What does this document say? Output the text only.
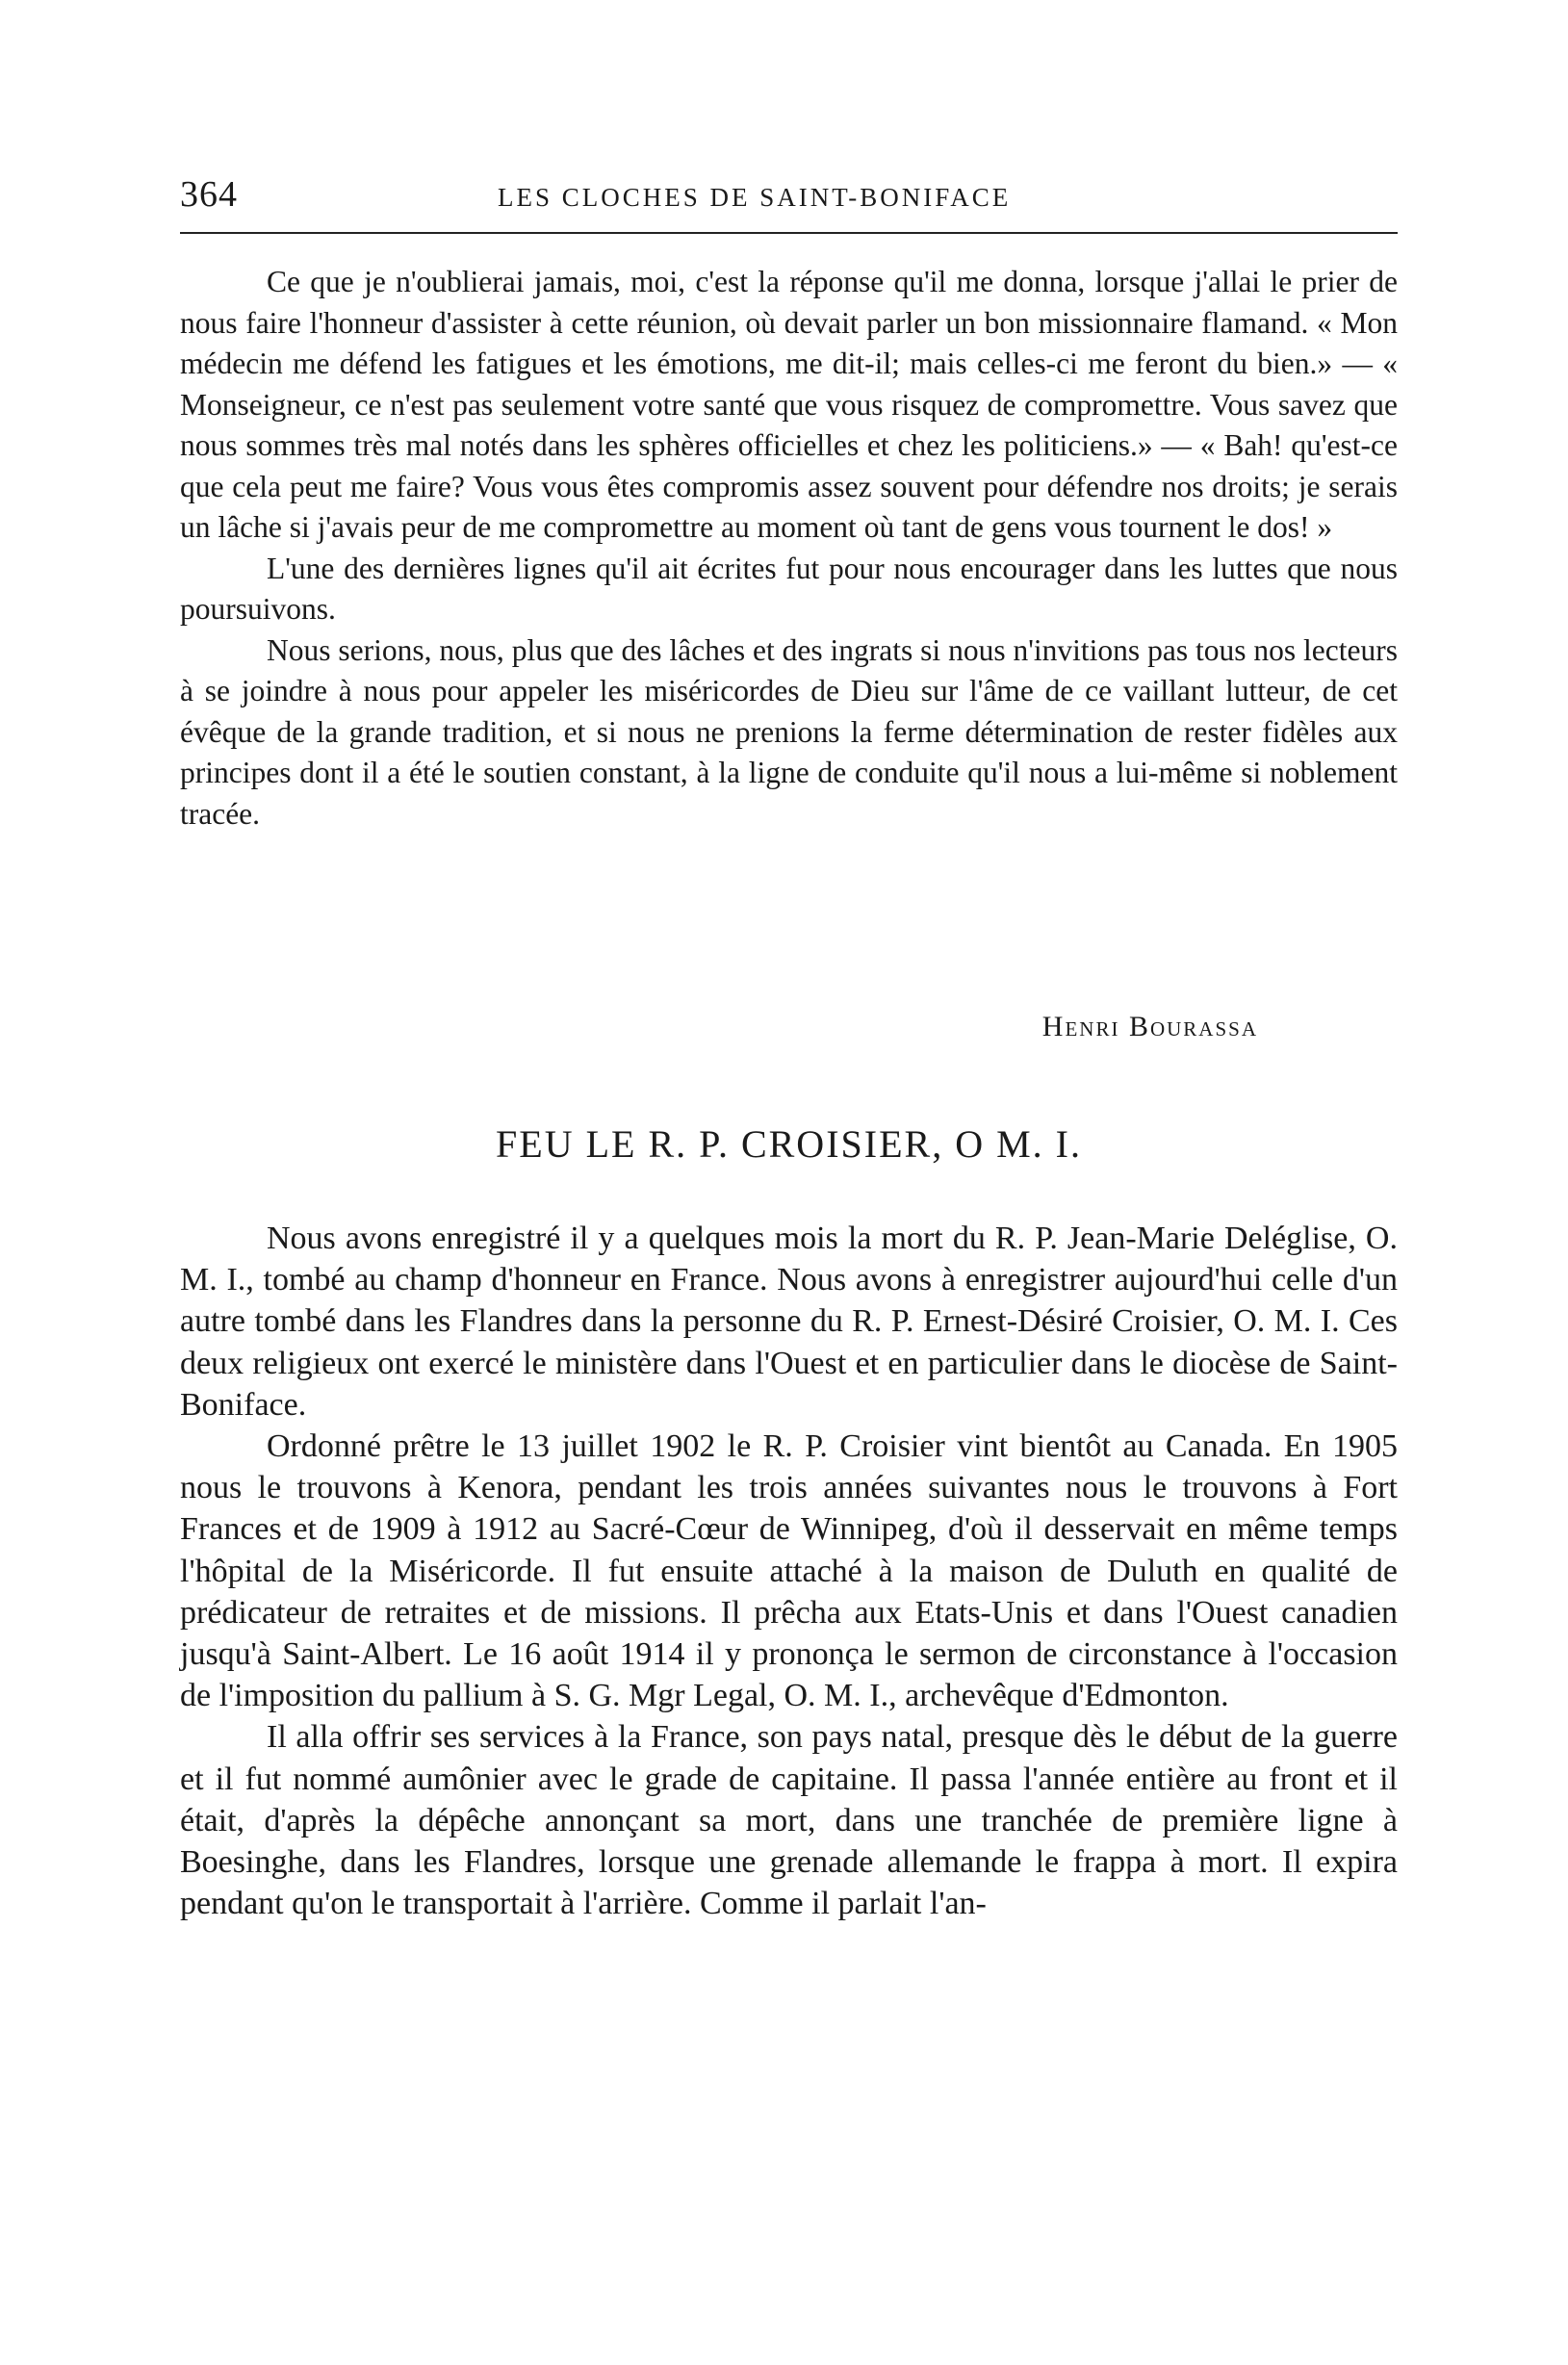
364	LES CLOCHES DE SAINT-BONIFACE

Ce que je n'oublierai jamais, moi, c'est la réponse qu'il me donna, lorsque j'allai le prier de nous faire l'honneur d'assister à cette réunion, où devait parler un bon missionnaire flamand. « Mon médecin me défend les fatigues et les émotions, me dit-il; mais celles-ci me feront du bien.» — « Monseigneur, ce n'est pas seulement votre santé que vous risquez de compromettre. Vous savez que nous sommes très mal notés dans les sphères officielles et chez les politiciens.» — « Bah! qu'est-ce que cela peut me faire? Vous vous êtes compromis assez souvent pour défendre nos droits; je serais un lâche si j'avais peur de me compromettre au moment où tant de gens vous tournent le dos! »

L'une des dernières lignes qu'il ait écrites fut pour nous encourager dans les luttes que nous poursuivons.

Nous serions, nous, plus que des lâches et des ingrats si nous n'invitions pas tous nos lecteurs à se joindre à nous pour appeler les miséricordes de Dieu sur l'âme de ce vaillant lutteur, de cet évêque de la grande tradition, et si nous ne prenions la ferme détermination de rester fidèles aux principes dont il a été le soutien constant, à la ligne de conduite qu'il nous a lui-même si noblement tracée.

Henri Bourassa
FEU LE R. P. CROISIER, O M. I.

Nous avons enregistré il y a quelques mois la mort du R. P. Jean-Marie Deléglise, O. M. I., tombé au champ d'honneur en France. Nous avons à enregistrer aujourd'hui celle d'un autre tombé dans les Flandres dans la personne du R. P. Ernest-Désiré Croisier, O. M. I. Ces deux religieux ont exercé le ministère dans l'Ouest et en particulier dans le diocèse de Saint-Boniface.

Ordonné prêtre le 13 juillet 1902 le R. P. Croisier vint bientôt au Canada. En 1905 nous le trouvons à Kenora, pendant les trois années suivantes nous le trouvons à Fort Frances et de 1909 à 1912 au Sacré-Cœur de Winnipeg, d'où il desservait en même temps l'hôpital de la Miséricorde. Il fut ensuite attaché à la maison de Duluth en qualité de prédicateur de retraites et de missions. Il prêcha aux Etats-Unis et dans l'Ouest canadien jusqu'à Saint-Albert. Le 16 août 1914 il y prononça le sermon de circonstance à l'occasion de l'imposition du pallium à S. G. Mgr Legal, O. M. I., archevêque d'Edmonton.

Il alla offrir ses services à la France, son pays natal, presque dès le début de la guerre et il fut nommé aumônier avec le grade de capitaine. Il passa l'année entière au front et il était, d'après la dépêche annonçant sa mort, dans une tranchée de première ligne à Boesinghe, dans les Flandres, lorsque une grenade allemande le frappa à mort. Il expira pendant qu'on le transportait à l'arrière. Comme il parlait l'an-
